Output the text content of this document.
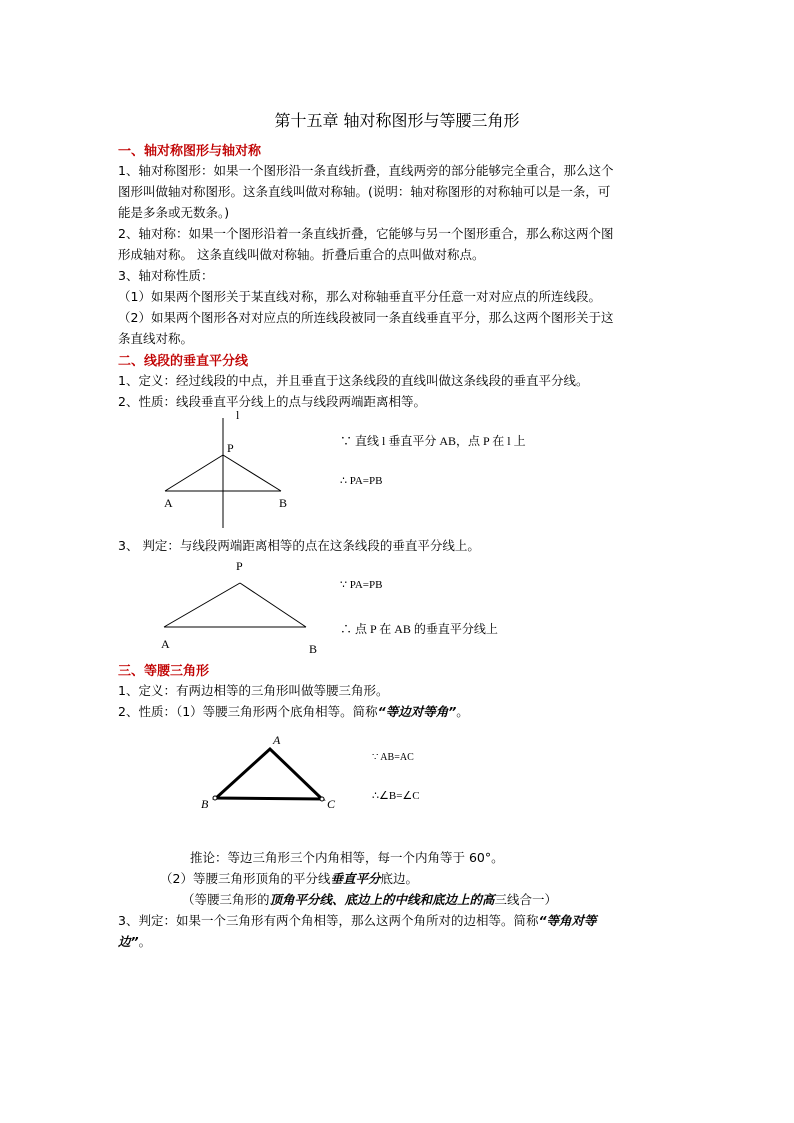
第十五章 轴对称图形与等腰三角形
一、轴对称图形与轴对称
1、轴对称图形：如果一个图形沿一条直线折叠，直线两旁的部分能够完全重合，那么这个
图形叫做轴对称图形。这条直线叫做对称轴。(说明：轴对称图形的对称轴可以是一条，可
能是多条或无数条。)
2、轴对称：如果一个图形沿着一条直线折叠，它能够与另一个图形重合，那么称这两个图
形成轴对称。 这条直线叫做对称轴。折叠后重合的点叫做对称点。
3、轴对称性质：
（1）如果两个图形关于某直线对称，那么对称轴垂直平分任意一对对应点的所连线段。
（2）如果两个图形各对对应点的所连线段被同一条直线垂直平分，那么这两个图形关于这
条直线对称。
二、线段的垂直平分线
1、定义：经过线段的中点，并且垂直于这条线段的直线叫做这条线段的垂直平分线。
2、性质：线段垂直平分线上的点与线段两端距离相等。
l
P
A	B
∵ 直线 l 垂直平分 AB，点 P 在 l 上
∴ PA=PB
3、 判定：与线段两端距离相等的点在这条线段的垂直平分线上。
P
A	B
∵ PA=PB
∴ 点 P 在 AB 的垂直平分线上
三、等腰三角形
1、定义：有两边相等的三角形叫做等腰三角形。
2、性质：（1）等腰三角形两个底角相等。简称“等边对等角”。
A
B	C
∵ AB=AC
∴∠B=∠C
推论：等边三角形三个内角相等，每一个内角等于 60°。
（2）等腰三角形顶角的平分线垂直平分底边。
（等腰三角形的顶角平分线、底边上的中线和底边上的高三线合一）
3、判定：如果一个三角形有两个角相等，那么这两个角所对的边相等。简称“等角对等
边”。
